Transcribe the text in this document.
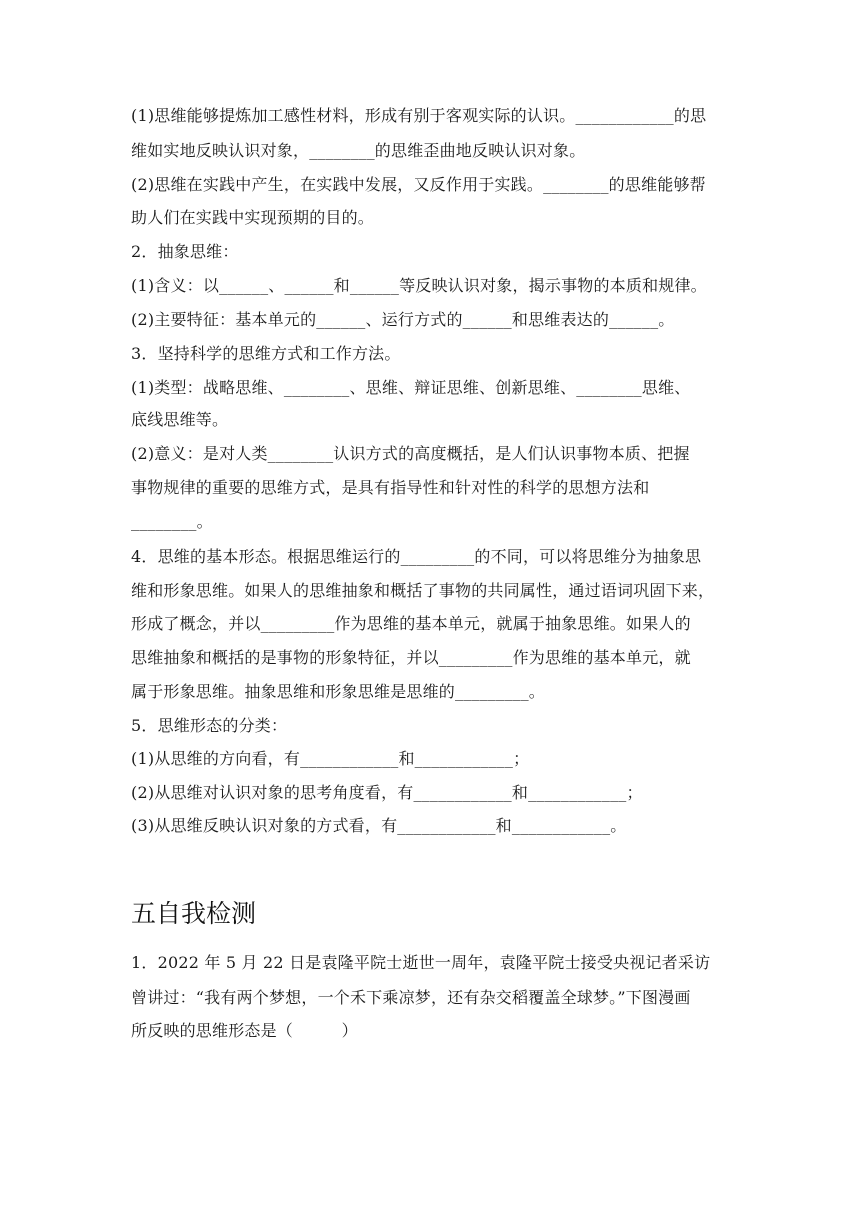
(1)思维能够提炼加工感性材料，形成有别于客观实际的认识。____________的思
维如实地反映认识对象，________的思维歪曲地反映认识对象。
(2)思维在实践中产生，在实践中发展，又反作用于实践。________的思维能够帮
助人们在实践中实现预期的目的。
2．抽象思维：
(1)含义：以______、______和______等反映认识对象，揭示事物的本质和规律。
(2)主要特征：基本单元的______、运行方式的______和思维表达的______。
3．坚持科学的思维方式和工作方法。
(1)类型：战略思维、________、思维、辩证思维、创新思维、________思维、
底线思维等。
(2)意义：是对人类________认识方式的高度概括，是人们认识事物本质、把握
事物规律的重要的思维方式，是具有指导性和针对性的科学的思想方法和
________。
4．思维的基本形态。根据思维运行的_________的不同，可以将思维分为抽象思
维和形象思维。如果人的思维抽象和概括了事物的共同属性，通过语词巩固下来，
形成了概念，并以_________作为思维的基本单元，就属于抽象思维。如果人的
思维抽象和概括的是事物的形象特征，并以_________作为思维的基本单元，就
属于形象思维。抽象思维和形象思维是思维的_________。
5．思维形态的分类：
(1)从思维的方向看，有____________和____________；
(2)从思维对认识对象的思考角度看，有____________和____________；
(3)从思维反映认识对象的方式看，有____________和____________。
五自我检测
1．2022 年 5 月 22 日是袁隆平院士逝世一周年，袁隆平院士接受央视记者采访
曾讲过：“我有两个梦想，一个禾下乘凉梦，还有杂交稻覆盖全球梦。”下图漫画
所反映的思维形态是（　　　）
